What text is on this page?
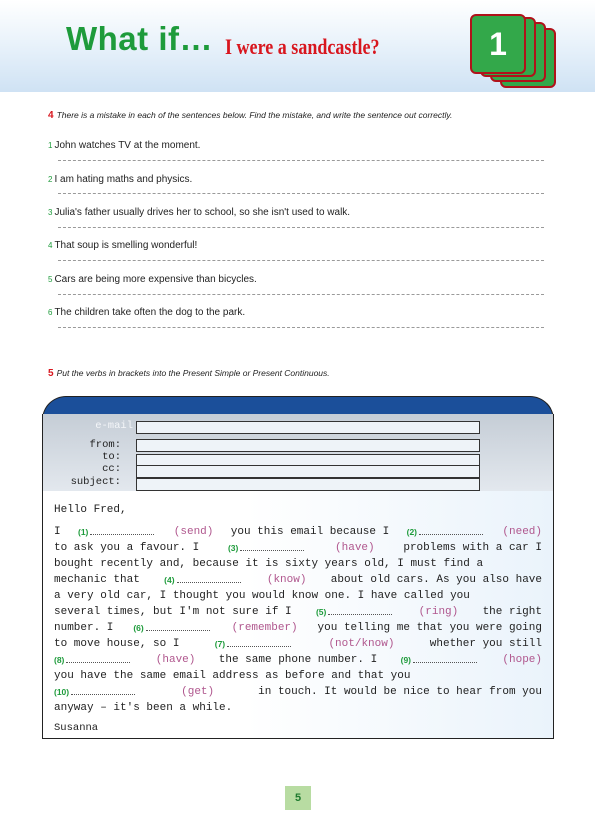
What if… I were a sandcastle?	1
4 There is a mistake in each of the sentences below. Find the mistake, and write the sentence out correctly.
1 John watches TV at the moment.
2 I am hating maths and physics.
3 Julia's father usually drives her to school, so she isn't used to walk.
4 That soup is smelling wonderful!
5 Cars are being more expensive than bicycles.
6 The children take often the dog to the park.
5 Put the verbs in brackets into the Present Simple or Present Continuous.
e-mail
from:
to:
cc:
subject:
Hello Fred,
I (1)	(send) you this email because I (2)	(need)
to ask you a favour. I	(3)	(have)	problems with a car I
bought recently and, because it is sixty years old, I must find a
mechanic that	(4)	(know) about old cars. As you also have
a very old car, I thought you would know one. I have called you
several times, but I'm not sure if I	(5)	(ring) the right
number. I (6)	(remember) you telling me that you were going
to move house, so I	(7)	(not/know)	whether you still
(8)	(have) the same phone number. I	(9)	(hope)
you have the same email address as before and that you
(10)	(get)	in touch. It would be nice to hear from you
anyway – it's been a while.
Susanna
5
